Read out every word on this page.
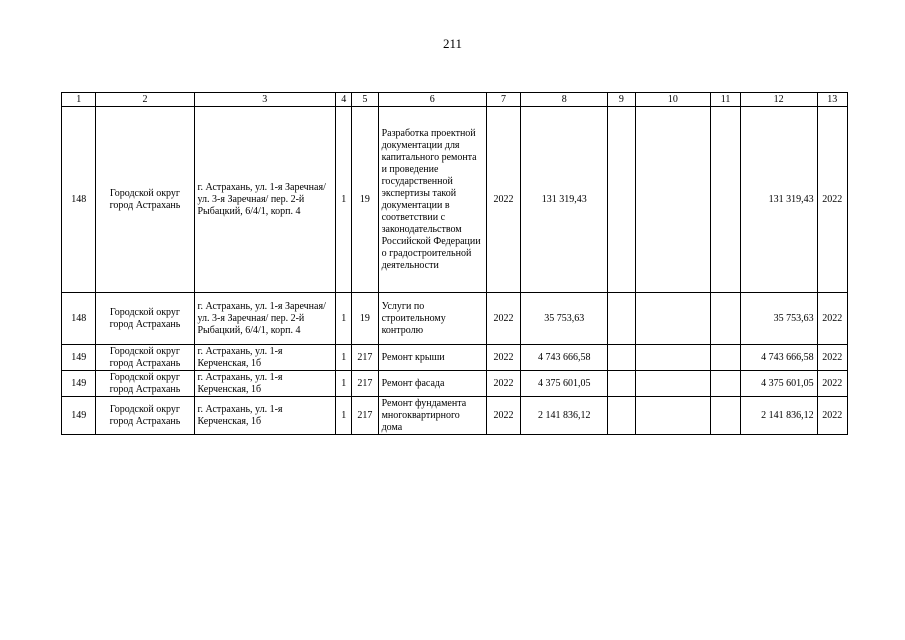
211
1	2	3	4	5	6	7	8	9	10	11	12	13
148	Городской округ город Астрахань	г. Астрахань, ул. 1-я Заречная/ ул. 3-я Заречная/ пер. 2-й Рыбацкий, 6/4/1, корп. 4	1	19	Разработка проектной документации для капитального ремонта и проведение государственной экспертизы такой документации в соответствии с законодательством Российской Федерации о градостроительной деятельности	2022	131 319,43				131 319,43	2022
148	Городской округ город Астрахань	г. Астрахань, ул. 1-я Заречная/ ул. 3-я Заречная/ пер. 2-й Рыбацкий, 6/4/1, корп. 4	1	19	Услуги по строительному контролю	2022	35 753,63				35 753,63	2022
149	Городской округ город Астрахань	г. Астрахань, ул. 1-я Керченская, 1б	1	217	Ремонт крыши	2022	4 743 666,58				4 743 666,58	2022
149	Городской округ город Астрахань	г. Астрахань, ул. 1-я Керченская, 1б	1	217	Ремонт фасада	2022	4 375 601,05				4 375 601,05	2022
149	Городской округ город Астрахань	г. Астрахань, ул. 1-я Керченская, 1б	1	217	Ремонт фундамента многоквартирного дома	2022	2 141 836,12				2 141 836,12	2022
